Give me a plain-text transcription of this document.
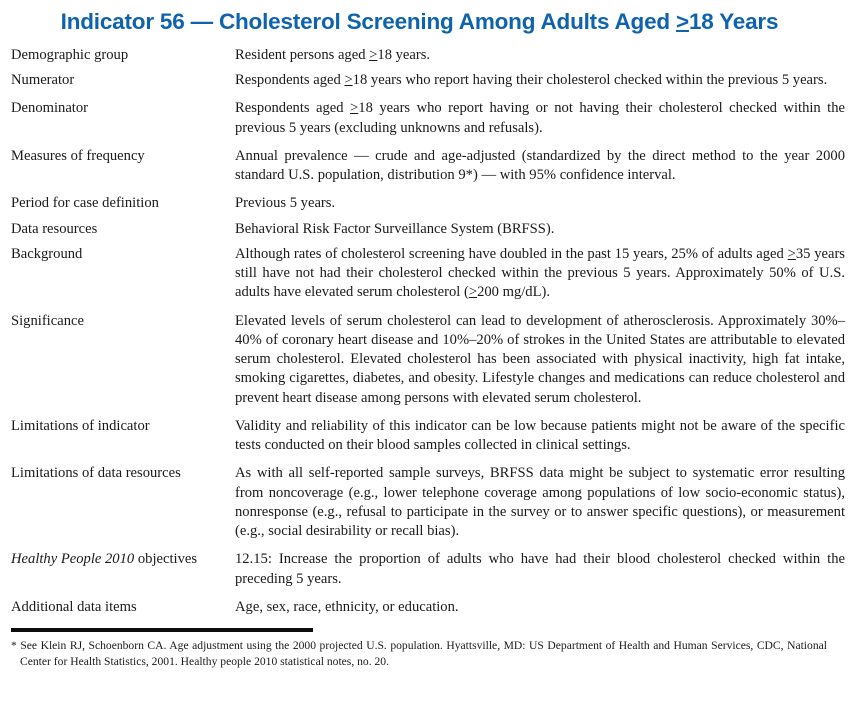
Indicator 56 — Cholesterol Screening Among Adults Aged ≥18 Years
Demographic group	Resident persons aged ≥18 years.
Numerator	Respondents aged ≥18 years who report having their cholesterol checked within the previous 5 years.
Denominator	Respondents aged ≥18 years who report having or not having their cholesterol checked within the previous 5 years (excluding unknowns and refusals).
Measures of frequency	Annual prevalence — crude and age-adjusted (standardized by the direct method to the year 2000 standard U.S. population, distribution 9*) — with 95% confidence interval.
Period for case definition	Previous 5 years.
Data resources	Behavioral Risk Factor Surveillance System (BRFSS).
Background	Although rates of cholesterol screening have doubled in the past 15 years, 25% of adults aged ≥35 years still have not had their cholesterol checked within the previous 5 years. Approximately 50% of U.S. adults have elevated serum cholesterol (≥200 mg/dL).
Significance	Elevated levels of serum cholesterol can lead to development of atherosclerosis. Approximately 30%–40% of coronary heart disease and 10%–20% of strokes in the United States are attributable to elevated serum cholesterol. Elevated cholesterol has been associated with physical inactivity, high fat intake, smoking cigarettes, diabetes, and obesity. Lifestyle changes and medications can reduce cholesterol and prevent heart disease among persons with elevated serum cholesterol.
Limitations of indicator	Validity and reliability of this indicator can be low because patients might not be aware of the specific tests conducted on their blood samples collected in clinical settings.
Limitations of data resources	As with all self-reported sample surveys, BRFSS data might be subject to systematic error resulting from noncoverage (e.g., lower telephone coverage among populations of low socio-economic status), nonresponse (e.g., refusal to participate in the survey or to answer specific questions), or measurement (e.g., social desirability or recall bias).
Healthy People 2010 objectives	12.15: Increase the proportion of adults who have had their blood cholesterol checked within the preceding 5 years.
Additional data items	Age, sex, race, ethnicity, or education.
* See Klein RJ, Schoenborn CA. Age adjustment using the 2000 projected U.S. population. Hyattsville, MD: US Department of Health and Human Services, CDC, National Center for Health Statistics, 2001. Healthy people 2010 statistical notes, no. 20.
